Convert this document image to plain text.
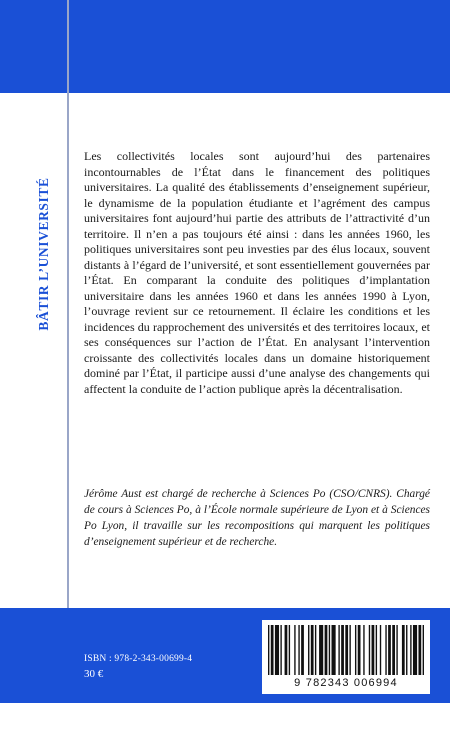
BÂTIR L’UNIVERSITÉ

Les collectivités locales sont aujourd’hui des partenaires incontournables de l’État dans le financement des politiques universitaires. La qualité des établissements d’enseignement supérieur, le dynamisme de la population étudiante et l’agrément des campus universitaires font aujourd’hui partie des attributs de l’attractivité d’un territoire. Il n’en a pas toujours été ainsi : dans les années 1960, les politiques universitaires sont peu investies par des élus locaux, souvent distants à l’égard de l’université, et sont essentiellement gouvernées par l’État. En comparant la conduite des politiques d’implantation universitaire dans les années 1960 et dans les années 1990 à Lyon, l’ouvrage revient sur ce retournement. Il éclaire les conditions et les incidences du rapprochement des universités et des territoires locaux, et ses conséquences sur l’action de l’État. En analysant l’intervention croissante des collectivités locales dans un domaine historiquement dominé par l’État, il participe aussi d’une analyse des changements qui affectent la conduite de l’action publique après la décentralisation.

Jérôme Aust est chargé de recherche à Sciences Po (CSO/CNRS). Chargé de cours à Sciences Po, à l’École normale supérieure de Lyon et à Sciences Po Lyon, il travaille sur les recompositions qui marquent les politiques d’enseignement supérieur et de recherche.

ISBN : 978-2-343-00699-4
30 €
9 782343 006994
